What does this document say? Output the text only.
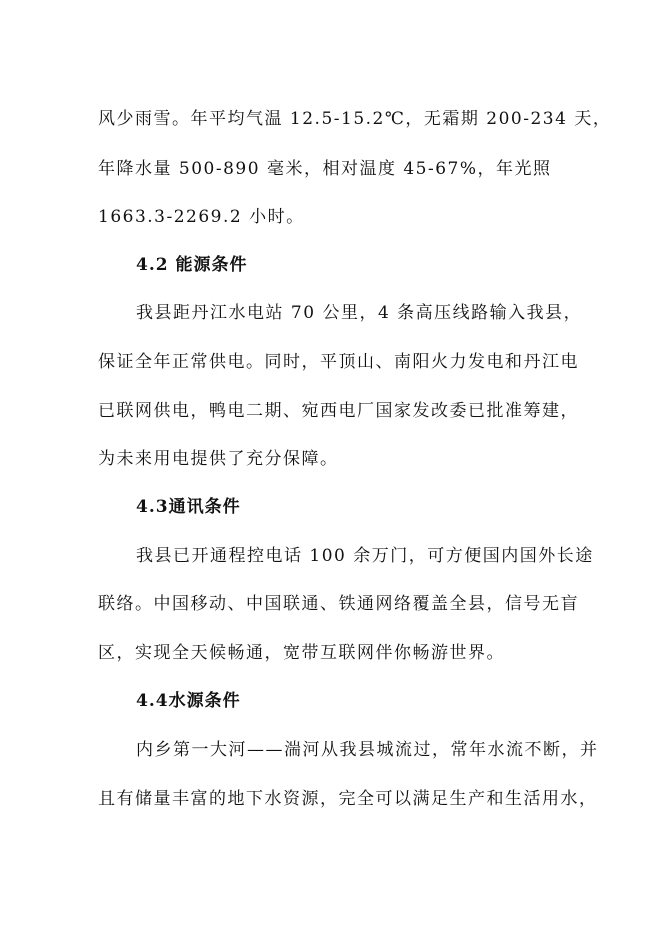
风少雨雪。年平均气温 12.5-15.2℃，无霜期 200-234 天，
年降水量 500-890 毫米，相对温度 45-67%，年光照
1663.3-2269.2 小时。
4.2 能源条件
我县距丹江水电站 70 公里，4 条高压线路输入我县，
保证全年正常供电。同时，平顶山、南阳火力发电和丹江电
已联网供电，鸭电二期、宛西电厂国家发改委已批准筹建，
为未来用电提供了充分保障。
4.3通讯条件
我县已开通程控电话 100 余万门，可方便国内国外长途
联络。中国移动、中国联通、铁通网络覆盖全县，信号无盲
区，实现全天候畅通，宽带互联网伴你畅游世界。
4.4水源条件
内乡第一大河——湍河从我县城流过，常年水流不断，并
且有储量丰富的地下水资源，完全可以满足生产和生活用水，
